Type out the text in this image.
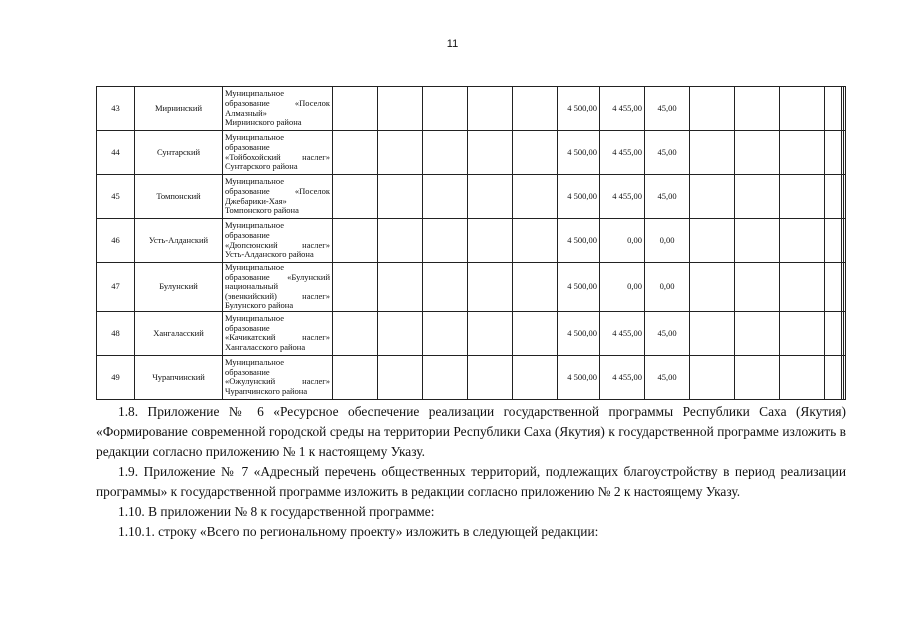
11
43	Мирнинский	Муниципальное
образование «Поселок
Алмазный»
Мирнинского района						4 500,00	4 455,00	45,00						
44	Сунтарский	Муниципальное
образование
«Тойбохойский наслег»
Сунтарского района						4 500,00	4 455,00	45,00						
45	Томпонский	Муниципальное
образование «Поселок
Джебарики-Хая»
Томпонского района						4 500,00	4 455,00	45,00						
46	Усть-Алданский	Муниципальное
образование
«Дюпсюнский наслег»
Усть-Алданского района						4 500,00	0,00	0,00						
47	Булунский	Муниципальное
образование «Булунский
национальный
(эвенкийский) наслег»
Булунского района						4 500,00	0,00	0,00						
48	Хангаласский	Муниципальное
образование
«Качикатский наслег»
Хангаласского района						4 500,00	4 455,00	45,00						
49	Чурапчинский	Муниципальное
образование
«Ожулунский наслег»
Чурапчинского района						4 500,00	4 455,00	45,00						

1.8. Приложение № 6 «Ресурсное обеспечение реализации государственной программы Республики Саха (Якутия) «Формирование современной городской среды на территории Республики Саха (Якутия) к государственной программе изложить в редакции согласно приложению № 1 к настоящему Указу.

1.9. Приложение № 7 «Адресный перечень общественных территорий, подлежащих благоустройству в период реализации программы» к государственной программе изложить в редакции согласно приложению № 2 к настоящему Указу.

1.10. В приложении № 8 к государственной программе:

1.10.1. строку «Всего по региональному проекту» изложить в следующей редакции:
